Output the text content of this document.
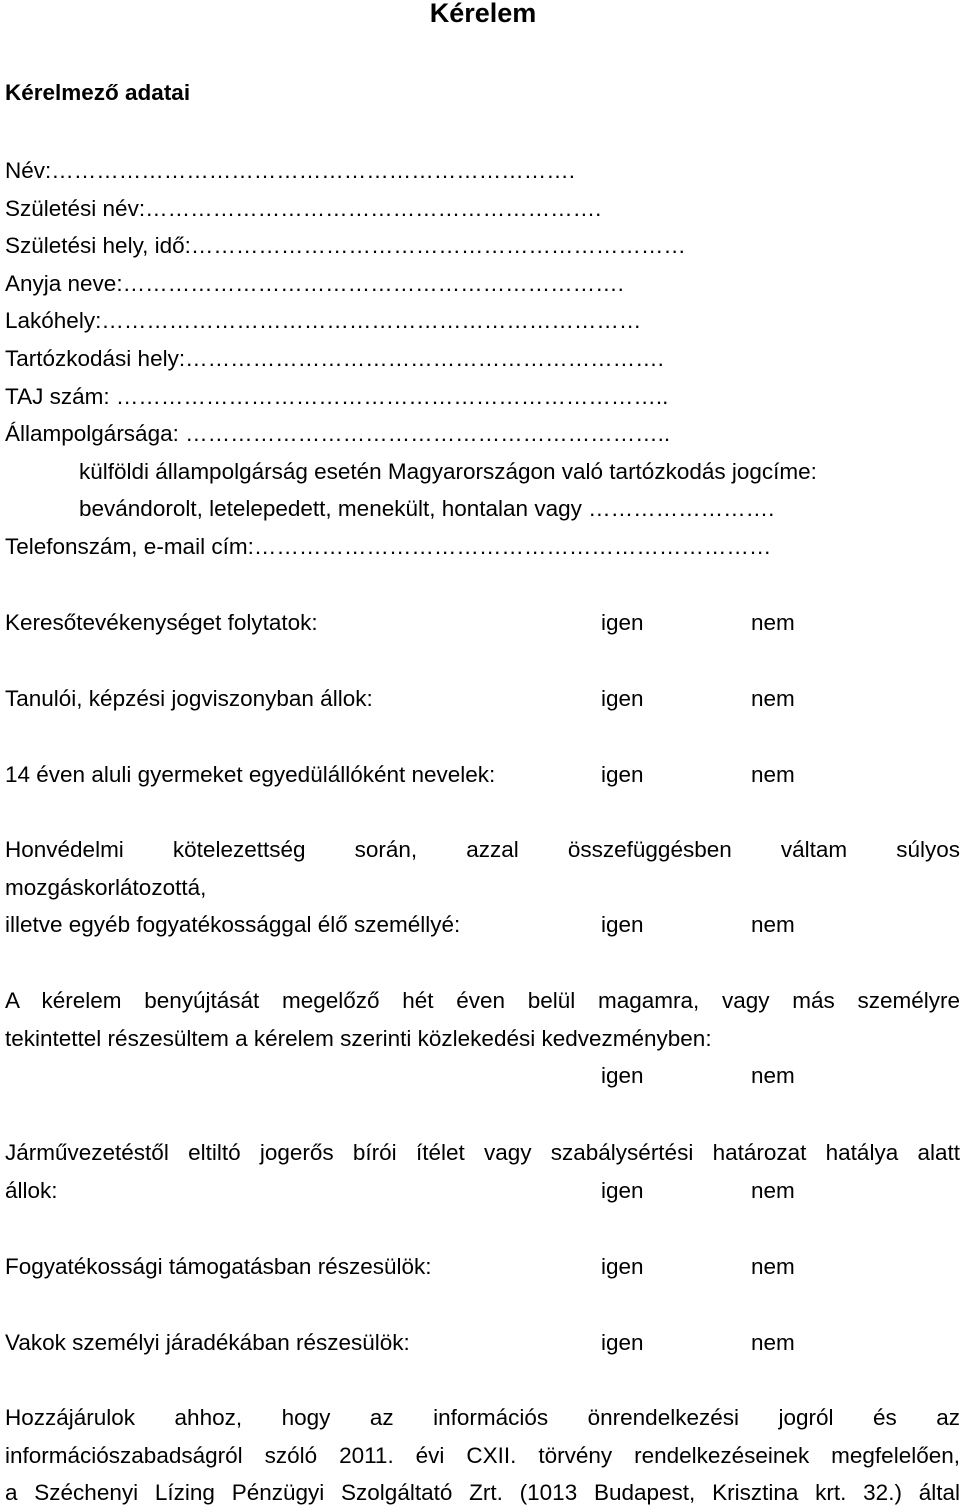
Kérelem
Kérelmező adatai
Név:…………………………………………………………….
Születési név:…………………………………………………….
Születési hely, idő:…………………………………………………………
Anyja neve:………………………………………………………….
Lakóhely:………………………………………………………………
Tartózkodási hely:……………………………………………………….
TAJ szám: ………………………………………………………………..
Állampolgársága: ………………………………………………………..
külföldi állampolgárság esetén Magyarországon való tartózkodás jogcíme:
bevándorolt, letelepedett, menekült, hontalan vagy …………………….
Telefonszám, e-mail cím:……………………………………………………………
Keresőtevékenységet folytatok:	igen	nem
Tanulói, képzési jogviszonyban állok:	igen	nem
14 éven aluli gyermeket egyedülállóként nevelek:	igen	nem
Honvédelmi kötelezettség során, azzal összefüggésben váltam súlyos
mozgáskorlátozottá,
illetve egyéb fogyatékossággal élő személlyé:	igen	nem
A kérelem benyújtását megelőző hét éven belül magamra, vagy más személyre
tekintettel részesültem a kérelem szerinti közlekedési kedvezményben:
igen	nem
Járművezetéstől eltiltó jogerős bírói ítélet vagy szabálysértési határozat hatálya alatt
állok:	igen	nem
Fogyatékossági támogatásban részesülök:	igen	nem
Vakok személyi járadékában részesülök:	igen	nem
Hozzájárulok ahhoz, hogy az információs önrendelkezési jogról és az
információszabadságról szóló 2011. évi CXII. törvény rendelkezéseinek megfelelően,
a Széchenyi Lízing Pénzügyi Szolgáltató Zrt. (1013 Budapest, Krisztina krt. 32.) által
